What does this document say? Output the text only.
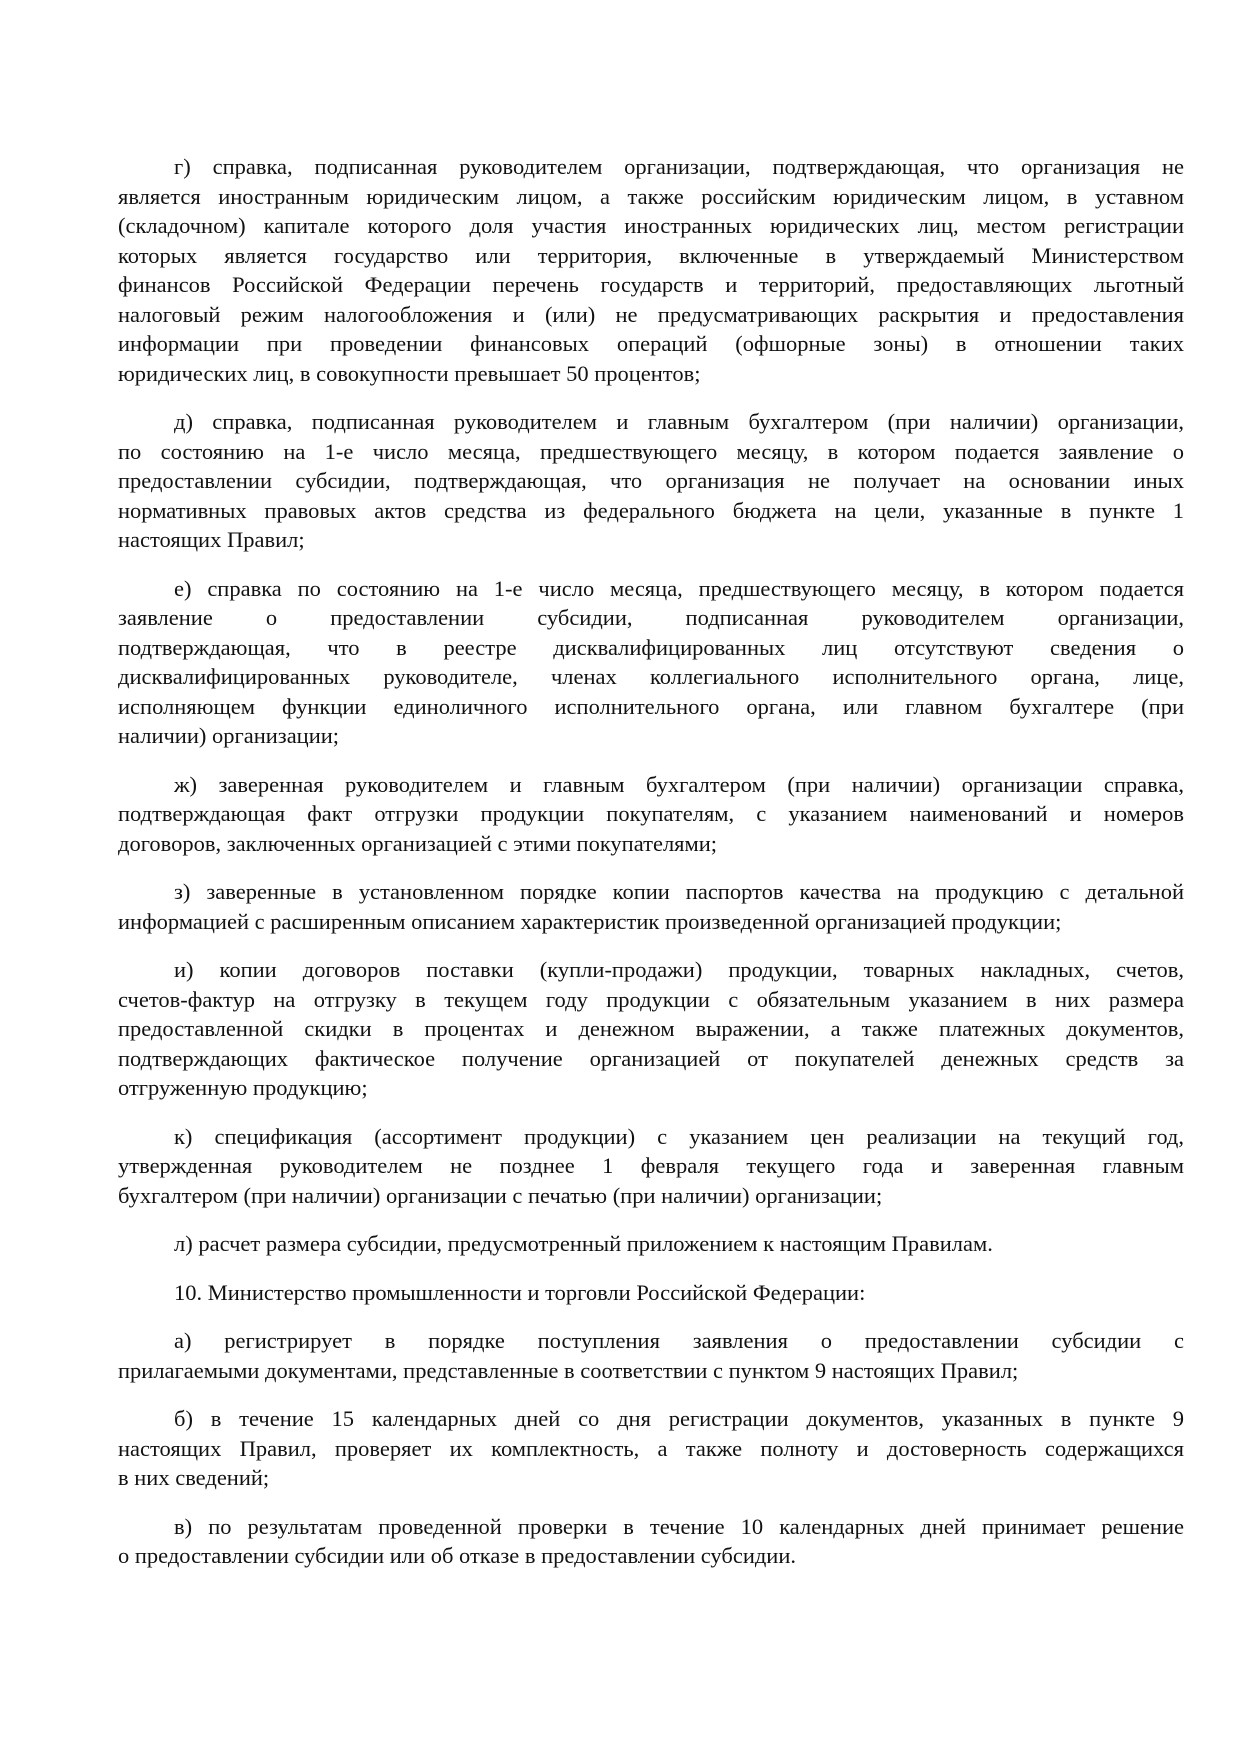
г) справка, подписанная руководителем организации, подтверждающая, что организация не
является иностранным юридическим лицом, а также российским юридическим лицом, в уставном
(складочном) капитале которого доля участия иностранных юридических лиц, местом регистрации
которых является государство или территория, включенные в утверждаемый Министерством
финансов Российской Федерации перечень государств и территорий, предоставляющих льготный
налоговый режим налогообложения и (или) не предусматривающих раскрытия и предоставления
информации при проведении финансовых операций (офшорные зоны) в отношении таких
юридических лиц, в совокупности превышает 50 процентов;
д) справка, подписанная руководителем и главным бухгалтером (при наличии) организации,
по состоянию на 1-е число месяца, предшествующего месяцу, в котором подается заявление о
предоставлении субсидии, подтверждающая, что организация не получает на основании иных
нормативных правовых актов средства из федерального бюджета на цели, указанные в пункте 1
настоящих Правил;
е) справка по состоянию на 1-е число месяца, предшествующего месяцу, в котором подается
заявление о предоставлении субсидии, подписанная руководителем организации,
подтверждающая, что в реестре дисквалифицированных лиц отсутствуют сведения о
дисквалифицированных руководителе, членах коллегиального исполнительного органа, лице,
исполняющем функции единоличного исполнительного органа, или главном бухгалтере (при
наличии) организации;
ж) заверенная руководителем и главным бухгалтером (при наличии) организации справка,
подтверждающая факт отгрузки продукции покупателям, с указанием наименований и номеров
договоров, заключенных организацией с этими покупателями;
з) заверенные в установленном порядке копии паспортов качества на продукцию с детальной
информацией с расширенным описанием характеристик произведенной организацией продукции;
и) копии договоров поставки (купли-продажи) продукции, товарных накладных, счетов,
счетов-фактур на отгрузку в текущем году продукции с обязательным указанием в них размера
предоставленной скидки в процентах и денежном выражении, а также платежных документов,
подтверждающих фактическое получение организацией от покупателей денежных средств за
отгруженную продукцию;
к) спецификация (ассортимент продукции) с указанием цен реализации на текущий год,
утвержденная руководителем не позднее 1 февраля текущего года и заверенная главным
бухгалтером (при наличии) организации с печатью (при наличии) организации;
л) расчет размера субсидии, предусмотренный приложением к настоящим Правилам.
10. Министерство промышленности и торговли Российской Федерации:
а) регистрирует в порядке поступления заявления о предоставлении субсидии с
прилагаемыми документами, представленные в соответствии с пунктом 9 настоящих Правил;
б) в течение 15 календарных дней со дня регистрации документов, указанных в пункте 9
настоящих Правил, проверяет их комплектность, а также полноту и достоверность содержащихся
в них сведений;
в) по результатам проведенной проверки в течение 10 календарных дней принимает решение
о предоставлении субсидии или об отказе в предоставлении субсидии.
